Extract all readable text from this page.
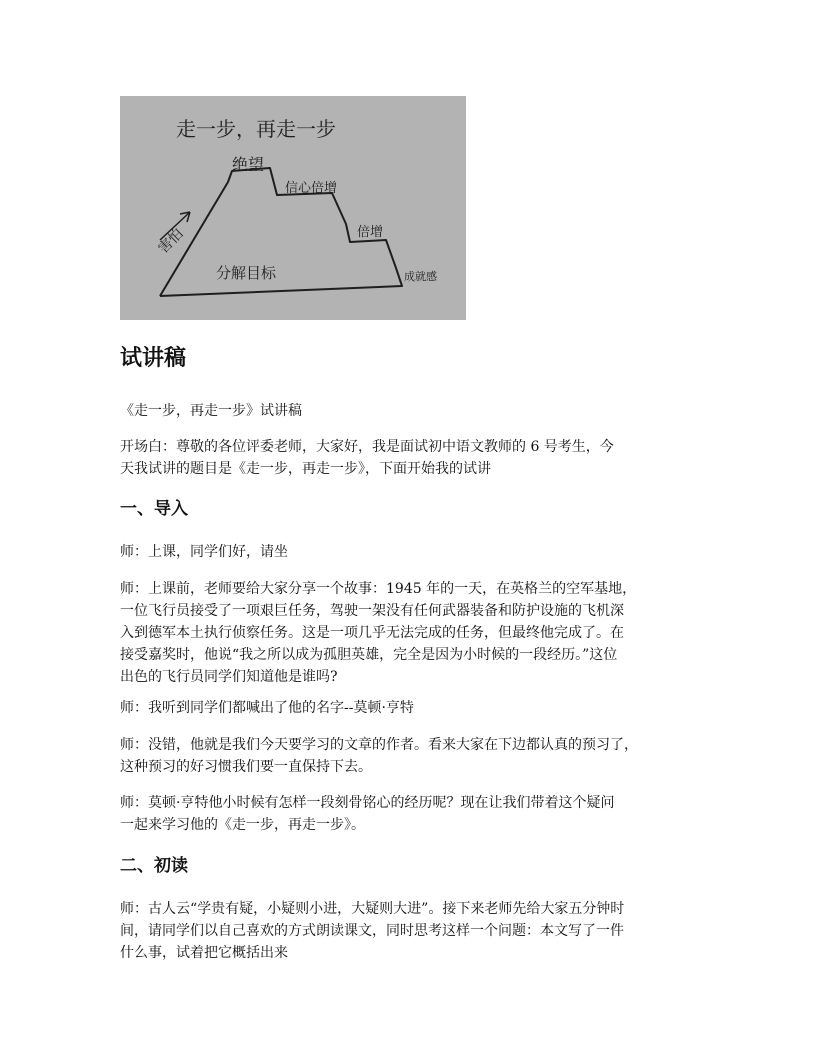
走一步，再走一步
绝望
信心倍增
倍增
害怕
分解目标	成就感
试讲稿

《走一步，再走一步》试讲稿

开场白：尊敬的各位评委老师，大家好，我是面试初中语文教师的 6 号考生，今
天我试讲的题目是《走一步，再走一步》，下面开始我的试讲

一、导入

师：上课，同学们好，请坐

师：上课前，老师要给大家分享一个故事：1945 年的一天，在英格兰的空军基地，
一位飞行员接受了一项艰巨任务，驾驶一架没有任何武器装备和防护设施的飞机深
入到德军本土执行侦察任务。这是一项几乎无法完成的任务，但最终他完成了。在
接受嘉奖时，他说“我之所以成为孤胆英雄，完全是因为小时候的一段经历。”这位
出色的飞行员同学们知道他是谁吗?

师：我听到同学们都喊出了他的名字--莫顿·亨特

师：没错，他就是我们今天要学习的文章的作者。看来大家在下边都认真的预习了，
这种预习的好习惯我们要一直保持下去。

师：莫顿·亨特他小时候有怎样一段刻骨铭心的经历呢？现在让我们带着这个疑问
一起来学习他的《走一步，再走一步》。

二、初读

师：古人云“学贵有疑，小疑则小进，大疑则大进”。接下来老师先给大家五分钟时
间，请同学们以自己喜欢的方式朗读课文，同时思考这样一个问题：本文写了一件
什么事，试着把它概括出来
